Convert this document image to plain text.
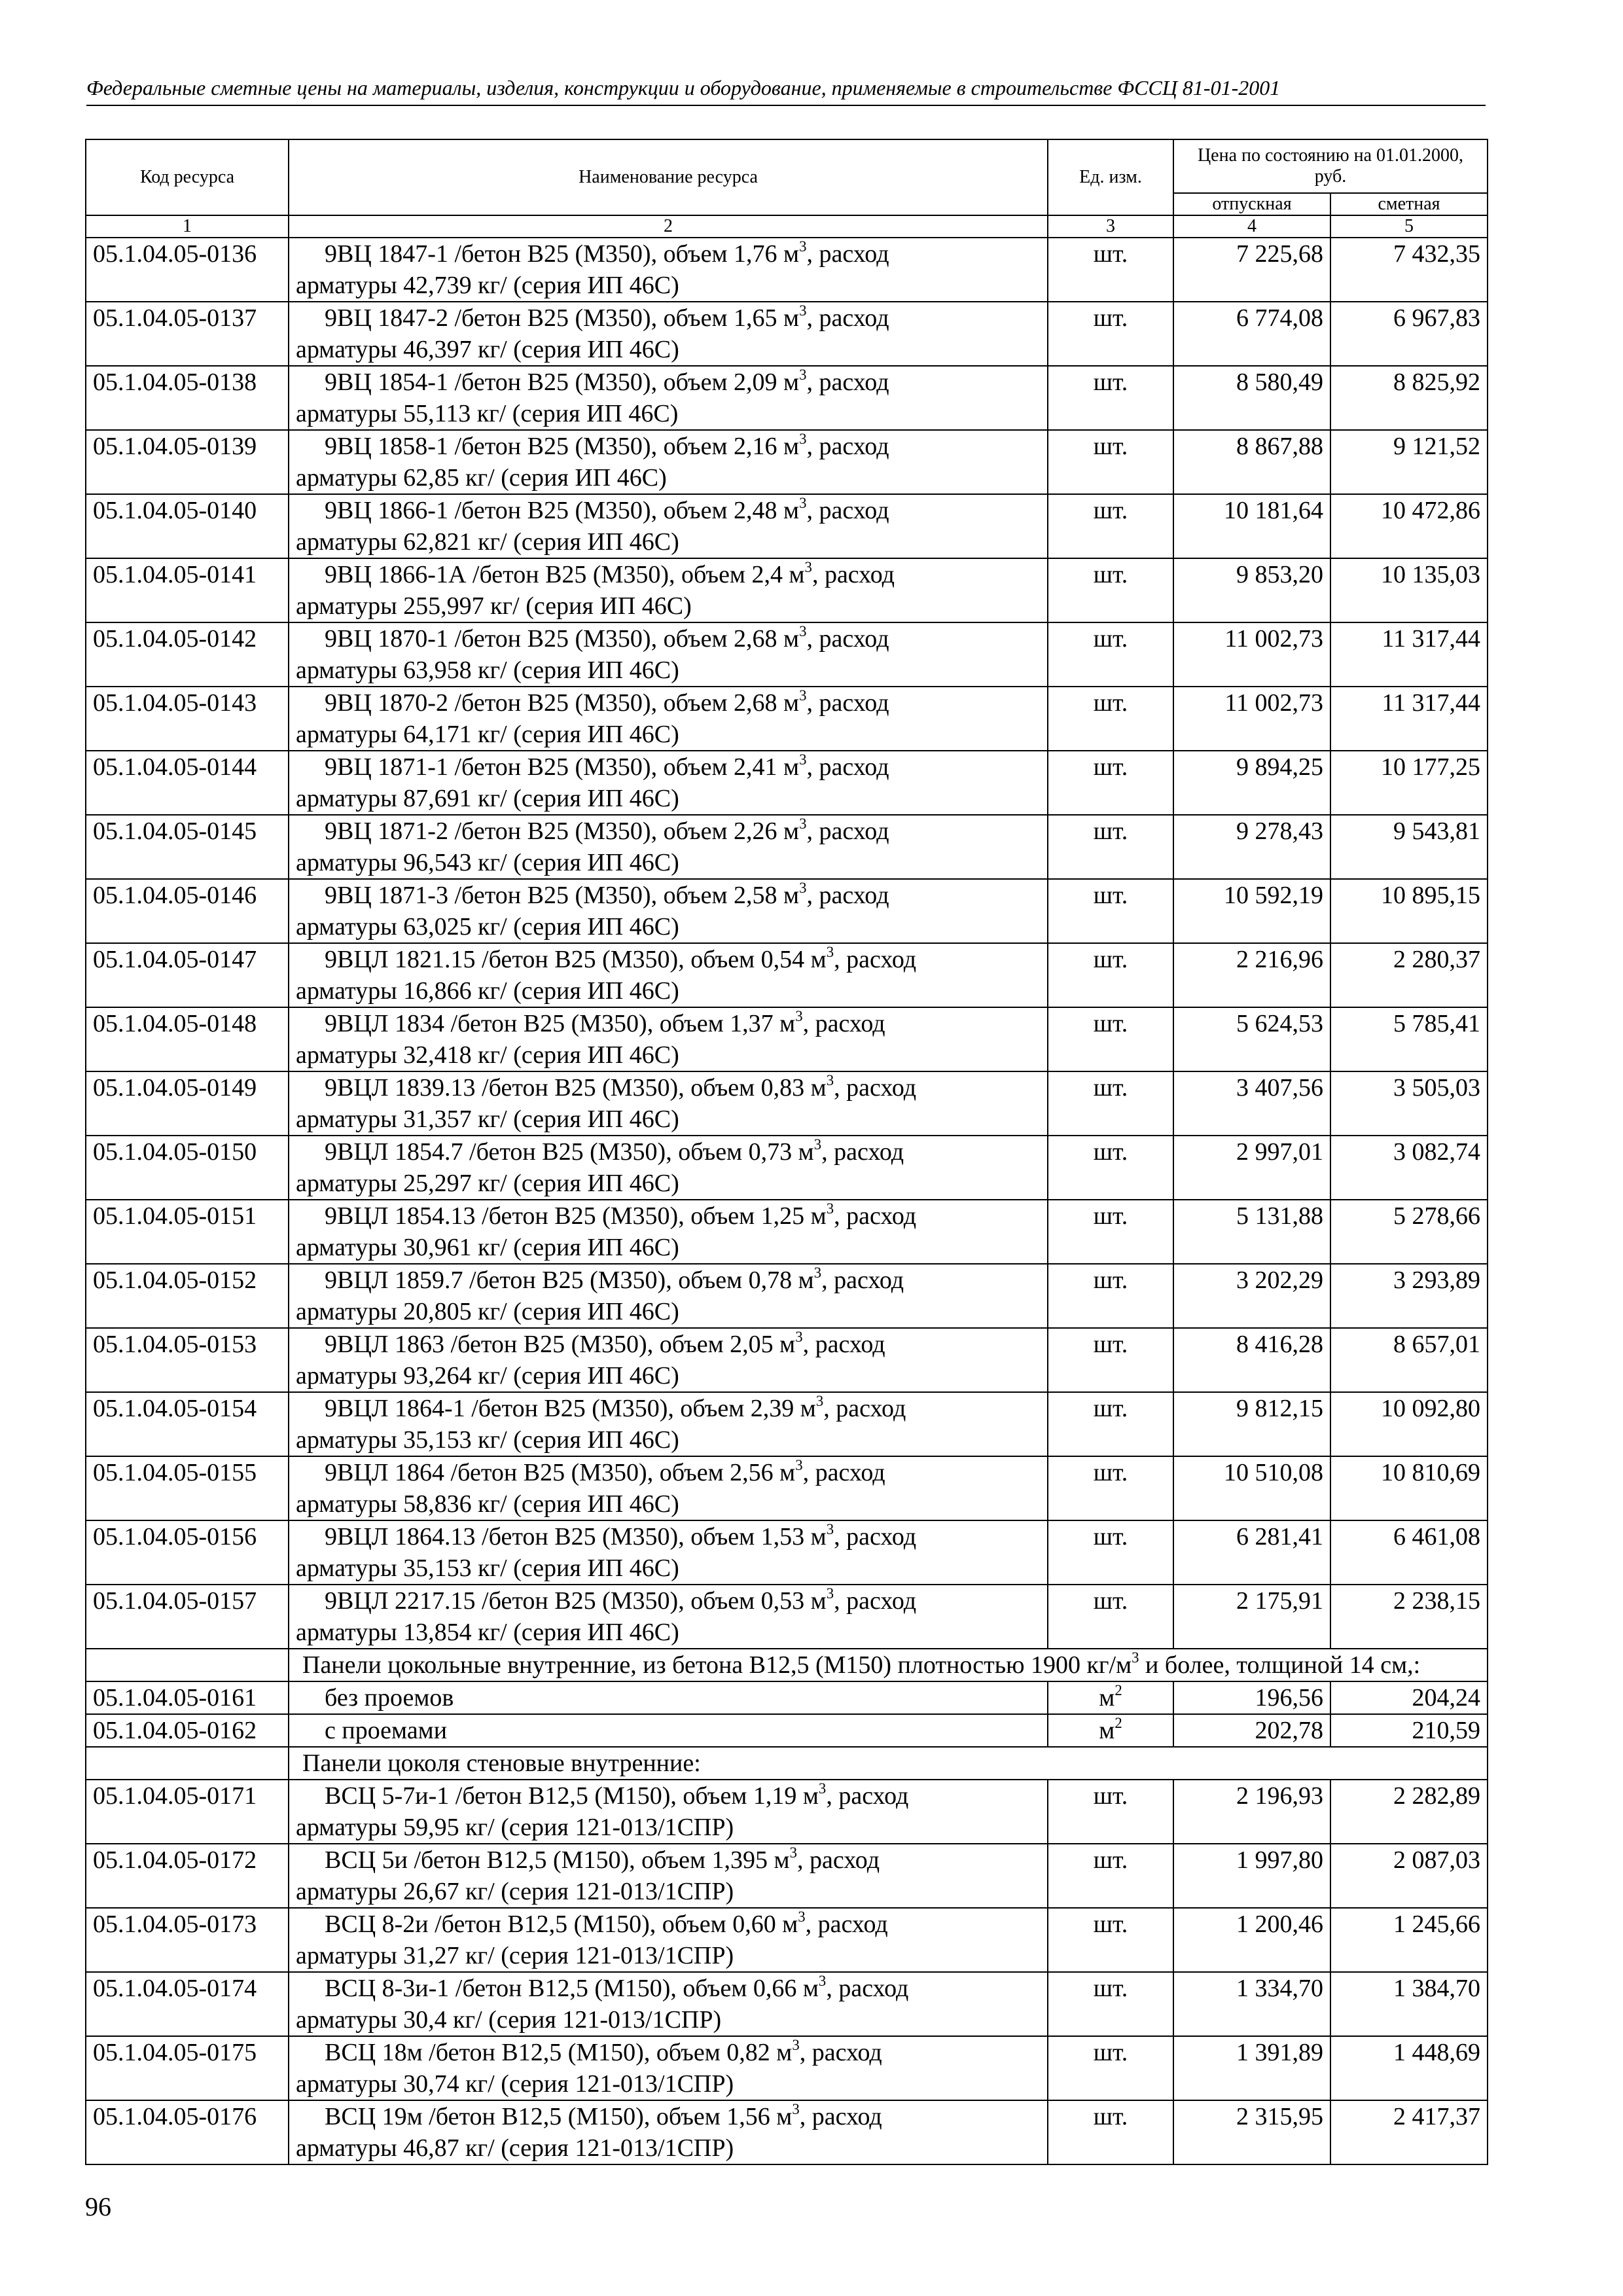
Федеральные сметные цены на материалы, изделия, конструкции и оборудование, применяемые в строительстве ФССЦ 81-01-2001
Код ресурса	Наименование ресурса	Ед. изм.	Цена по состоянию на 01.01.2000, руб.	
			отпускная	сметная
1	2	3	4	5
05.1.04.05-0136	9ВЦ 1847-1 /бетон В25 (М350), объем 1,76 $м^3$, расход
арматуры 42,739 кг/ (серия ИП 46С)	шт.	7 225,68	7 432,35
05.1.04.05-0137	9ВЦ 1847-2 /бетон В25 (М350), объем 1,65 $м^3$, расход
арматуры 46,397 кг/ (серия ИП 46С)	шт.	6 774,08	6 967,83
05.1.04.05-0138	9ВЦ 1854-1 /бетон В25 (М350), объем 2,09 $м^3$, расход
арматуры 55,113 кг/ (серия ИП 46С)	шт.	8 580,49	8 825,92
05.1.04.05-0139	9ВЦ 1858-1 /бетон В25 (М350), объем 2,16 $м^3$, расход
арматуры 62,85 кг/ (серия ИП 46С)	шт.	8 867,88	9 121,52
05.1.04.05-0140	9ВЦ 1866-1 /бетон В25 (М350), объем 2,48 $м^3$, расход
арматуры 62,821 кг/ (серия ИП 46С)	шт.	10 181,64	10 472,86
05.1.04.05-0141	9ВЦ 1866-1А /бетон В25 (М350), объем 2,4 $м^3$, расход
арматуры 255,997 кг/ (серия ИП 46С)	шт.	9 853,20	10 135,03
05.1.04.05-0142	9ВЦ 1870-1 /бетон В25 (М350), объем 2,68 $м^3$, расход
арматуры 63,958 кг/ (серия ИП 46С)	шт.	11 002,73	11 317,44
05.1.04.05-0143	9ВЦ 1870-2 /бетон В25 (М350), объем 2,68 $м^3$, расход
арматуры 64,171 кг/ (серия ИП 46С)	шт.	11 002,73	11 317,44
05.1.04.05-0144	9ВЦ 1871-1 /бетон В25 (М350), объем 2,41 $м^3$, расход
арматуры 87,691 кг/ (серия ИП 46С)	шт.	9 894,25	10 177,25
05.1.04.05-0145	9ВЦ 1871-2 /бетон В25 (М350), объем 2,26 $м^3$, расход
арматуры 96,543 кг/ (серия ИП 46С)	шт.	9 278,43	9 543,81
05.1.04.05-0146	9ВЦ 1871-3 /бетон В25 (М350), объем 2,58 $м^3$, расход
арматуры 63,025 кг/ (серия ИП 46С)	шт.	10 592,19	10 895,15
05.1.04.05-0147	9ВЦЛ 1821.15 /бетон В25 (М350), объем 0,54 $м^3$, расход
арматуры 16,866 кг/ (серия ИП 46С)	шт.	2 216,96	2 280,37
05.1.04.05-0148	9ВЦЛ 1834 /бетон В25 (М350), объем 1,37 $м^3$, расход
арматуры 32,418 кг/ (серия ИП 46С)	шт.	5 624,53	5 785,41
05.1.04.05-0149	9ВЦЛ 1839.13 /бетон В25 (М350), объем 0,83 $м^3$, расход
арматуры 31,357 кг/ (серия ИП 46С)	шт.	3 407,56	3 505,03
05.1.04.05-0150	9ВЦЛ 1854.7 /бетон В25 (М350), объем 0,73 $м^3$, расход
арматуры 25,297 кг/ (серия ИП 46С)	шт.	2 997,01	3 082,74
05.1.04.05-0151	9ВЦЛ 1854.13 /бетон В25 (М350), объем 1,25 $м^3$, расход
арматуры 30,961 кг/ (серия ИП 46С)	шт.	5 131,88	5 278,66
05.1.04.05-0152	9ВЦЛ 1859.7 /бетон В25 (М350), объем 0,78 $м^3$, расход
арматуры 20,805 кг/ (серия ИП 46С)	шт.	3 202,29	3 293,89
05.1.04.05-0153	9ВЦЛ 1863 /бетон В25 (М350), объем 2,05 $м^3$, расход
арматуры 93,264 кг/ (серия ИП 46С)	шт.	8 416,28	8 657,01
05.1.04.05-0154	9ВЦЛ 1864-1 /бетон В25 (М350), объем 2,39 $м^3$, расход
арматуры 35,153 кг/ (серия ИП 46С)	шт.	9 812,15	10 092,80
05.1.04.05-0155	9ВЦЛ 1864 /бетон В25 (М350), объем 2,56 $м^3$, расход
арматуры 58,836 кг/ (серия ИП 46С)	шт.	10 510,08	10 810,69
05.1.04.05-0156	9ВЦЛ 1864.13 /бетон В25 (М350), объем 1,53 $м^3$, расход
арматуры 35,153 кг/ (серия ИП 46С)	шт.	6 281,41	6 461,08
05.1.04.05-0157	9ВЦЛ 2217.15 /бетон В25 (М350), объем 0,53 $м^3$, расход
арматуры 13,854 кг/ (серия ИП 46С)	шт.	2 175,91	2 238,15
	Панели цокольные внутренние, из бетона В12,5 (М150) плотностью 1900 $кг/м^3$ и более, толщиной 14 см,:			
05.1.04.05-0161	без проемов	$м^2$	196,56	204,24
05.1.04.05-0162	с проемами	$м^2$	202,78	210,59
	Панели цоколя стеновые внутренние:			
05.1.04.05-0171	ВСЦ 5-7и-1 /бетон В12,5 (М150), объем 1,19 $м^3$, расход
арматуры 59,95 кг/ (серия 121-013/1СПР)	шт.	2 196,93	2 282,89
05.1.04.05-0172	ВСЦ 5и /бетон В12,5 (М150), объем 1,395 $м^3$, расход
арматуры 26,67 кг/ (серия 121-013/1СПР)	шт.	1 997,80	2 087,03
05.1.04.05-0173	ВСЦ 8-2и /бетон В12,5 (М150), объем 0,60 $м^3$, расход
арматуры 31,27 кг/ (серия 121-013/1СПР)	шт.	1 200,46	1 245,66
05.1.04.05-0174	ВСЦ 8-3и-1 /бетон В12,5 (М150), объем 0,66 $м^3$, расход
арматуры 30,4 кг/ (серия 121-013/1СПР)	шт.	1 334,70	1 384,70
05.1.04.05-0175	ВСЦ 18м /бетон В12,5 (М150), объем 0,82 $м^3$, расход
арматуры 30,74 кг/ (серия 121-013/1СПР)	шт.	1 391,89	1 448,69
05.1.04.05-0176	ВСЦ 19м /бетон В12,5 (М150), объем 1,56 $м^3$, расход
арматуры 46,87 кг/ (серия 121-013/1СПР)	шт.	2 315,95	2 417,37
96
